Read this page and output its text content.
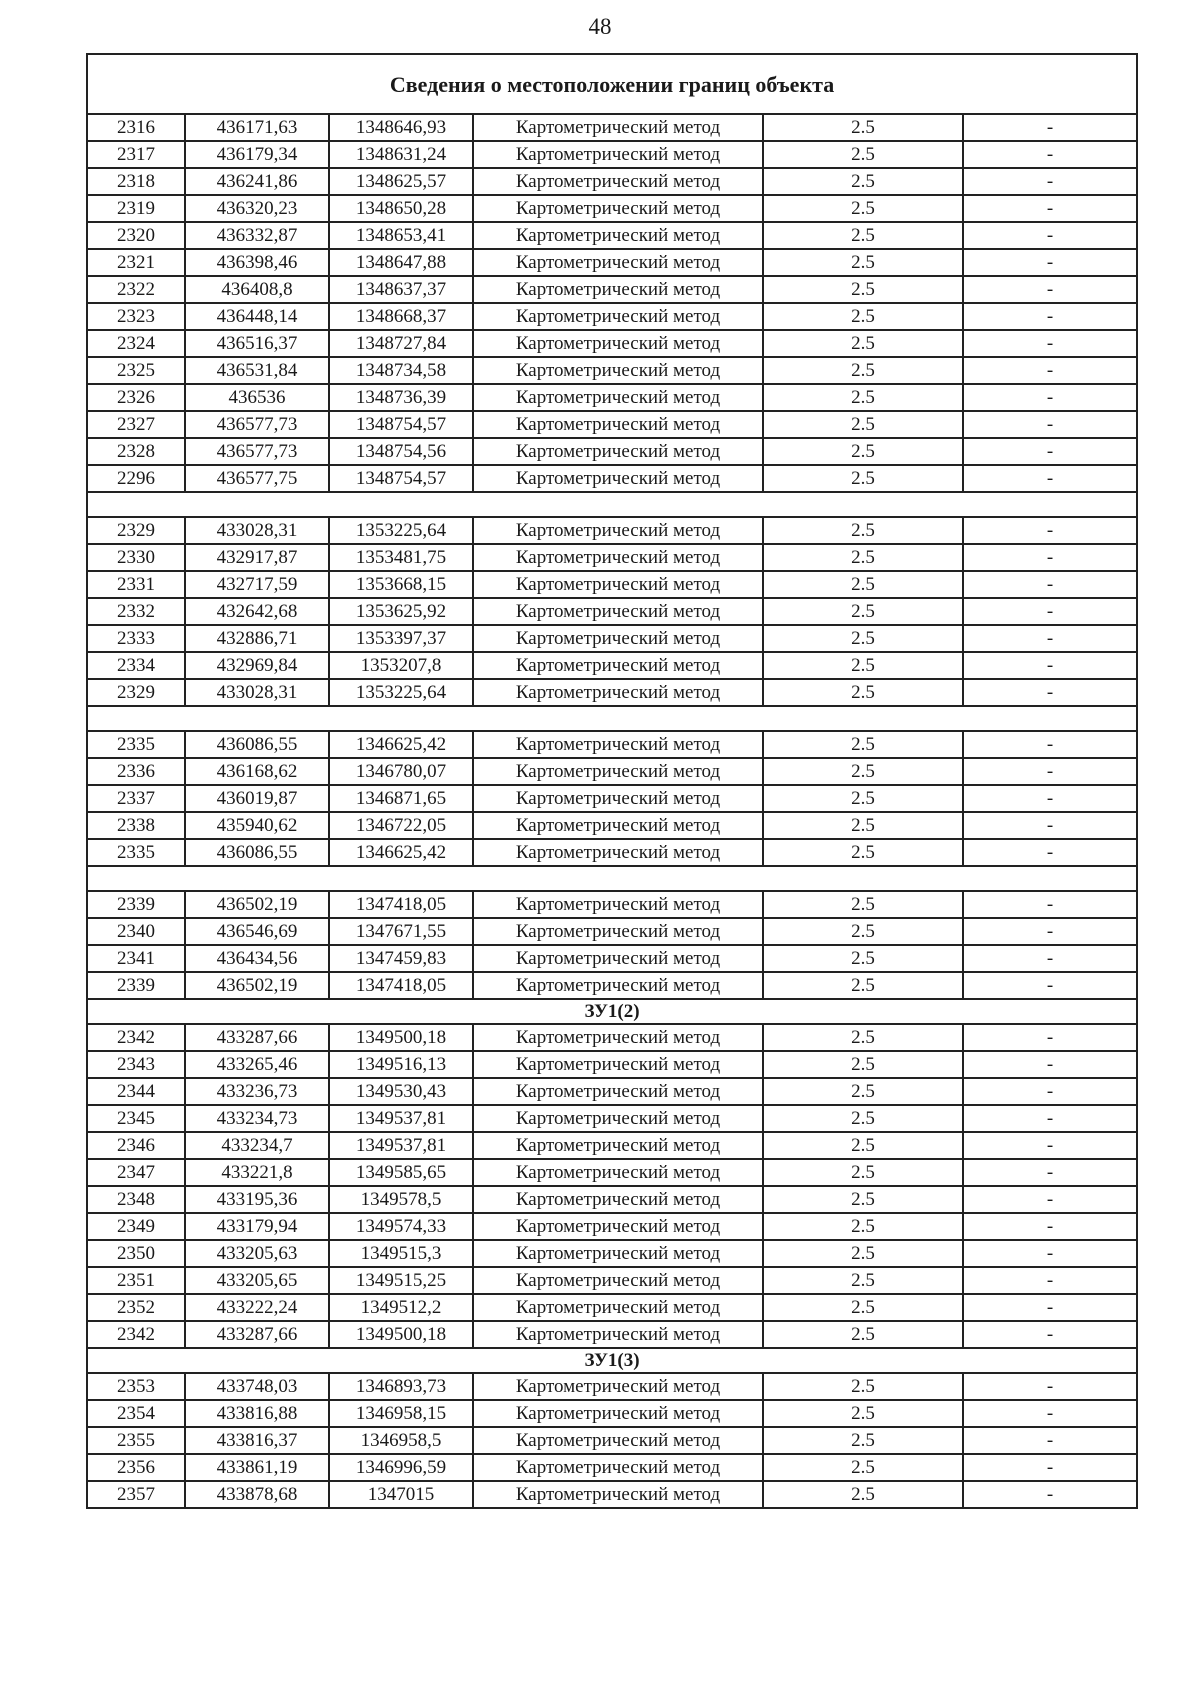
48
Сведения о местоположении границ объекта					
2316	436171,63	1348646,93	Картометрический метод	2.5	-
2317	436179,34	1348631,24	Картометрический метод	2.5	-
2318	436241,86	1348625,57	Картометрический метод	2.5	-
2319	436320,23	1348650,28	Картометрический метод	2.5	-
2320	436332,87	1348653,41	Картометрический метод	2.5	-
2321	436398,46	1348647,88	Картометрический метод	2.5	-
2322	436408,8	1348637,37	Картометрический метод	2.5	-
2323	436448,14	1348668,37	Картометрический метод	2.5	-
2324	436516,37	1348727,84	Картометрический метод	2.5	-
2325	436531,84	1348734,58	Картометрический метод	2.5	-
2326	436536	1348736,39	Картометрический метод	2.5	-
2327	436577,73	1348754,57	Картометрический метод	2.5	-
2328	436577,73	1348754,56	Картометрический метод	2.5	-
2296	436577,75	1348754,57	Картометрический метод	2.5	-

2329	433028,31	1353225,64	Картометрический метод	2.5	-
2330	432917,87	1353481,75	Картометрический метод	2.5	-
2331	432717,59	1353668,15	Картометрический метод	2.5	-
2332	432642,68	1353625,92	Картометрический метод	2.5	-
2333	432886,71	1353397,37	Картометрический метод	2.5	-
2334	432969,84	1353207,8	Картометрический метод	2.5	-
2329	433028,31	1353225,64	Картометрический метод	2.5	-

2335	436086,55	1346625,42	Картометрический метод	2.5	-
2336	436168,62	1346780,07	Картометрический метод	2.5	-
2337	436019,87	1346871,65	Картометрический метод	2.5	-
2338	435940,62	1346722,05	Картометрический метод	2.5	-
2335	436086,55	1346625,42	Картометрический метод	2.5	-

2339	436502,19	1347418,05	Картометрический метод	2.5	-
2340	436546,69	1347671,55	Картометрический метод	2.5	-
2341	436434,56	1347459,83	Картометрический метод	2.5	-
2339	436502,19	1347418,05	Картометрический метод	2.5	-
ЗУ1(2)					
2342	433287,66	1349500,18	Картометрический метод	2.5	-
2343	433265,46	1349516,13	Картометрический метод	2.5	-
2344	433236,73	1349530,43	Картометрический метод	2.5	-
2345	433234,73	1349537,81	Картометрический метод	2.5	-
2346	433234,7	1349537,81	Картометрический метод	2.5	-
2347	433221,8	1349585,65	Картометрический метод	2.5	-
2348	433195,36	1349578,5	Картометрический метод	2.5	-
2349	433179,94	1349574,33	Картометрический метод	2.5	-
2350	433205,63	1349515,3	Картометрический метод	2.5	-
2351	433205,65	1349515,25	Картометрический метод	2.5	-
2352	433222,24	1349512,2	Картометрический метод	2.5	-
2342	433287,66	1349500,18	Картометрический метод	2.5	-
ЗУ1(3)					
2353	433748,03	1346893,73	Картометрический метод	2.5	-
2354	433816,88	1346958,15	Картометрический метод	2.5	-
2355	433816,37	1346958,5	Картометрический метод	2.5	-
2356	433861,19	1346996,59	Картометрический метод	2.5	-
2357	433878,68	1347015	Картометрический метод	2.5	-
